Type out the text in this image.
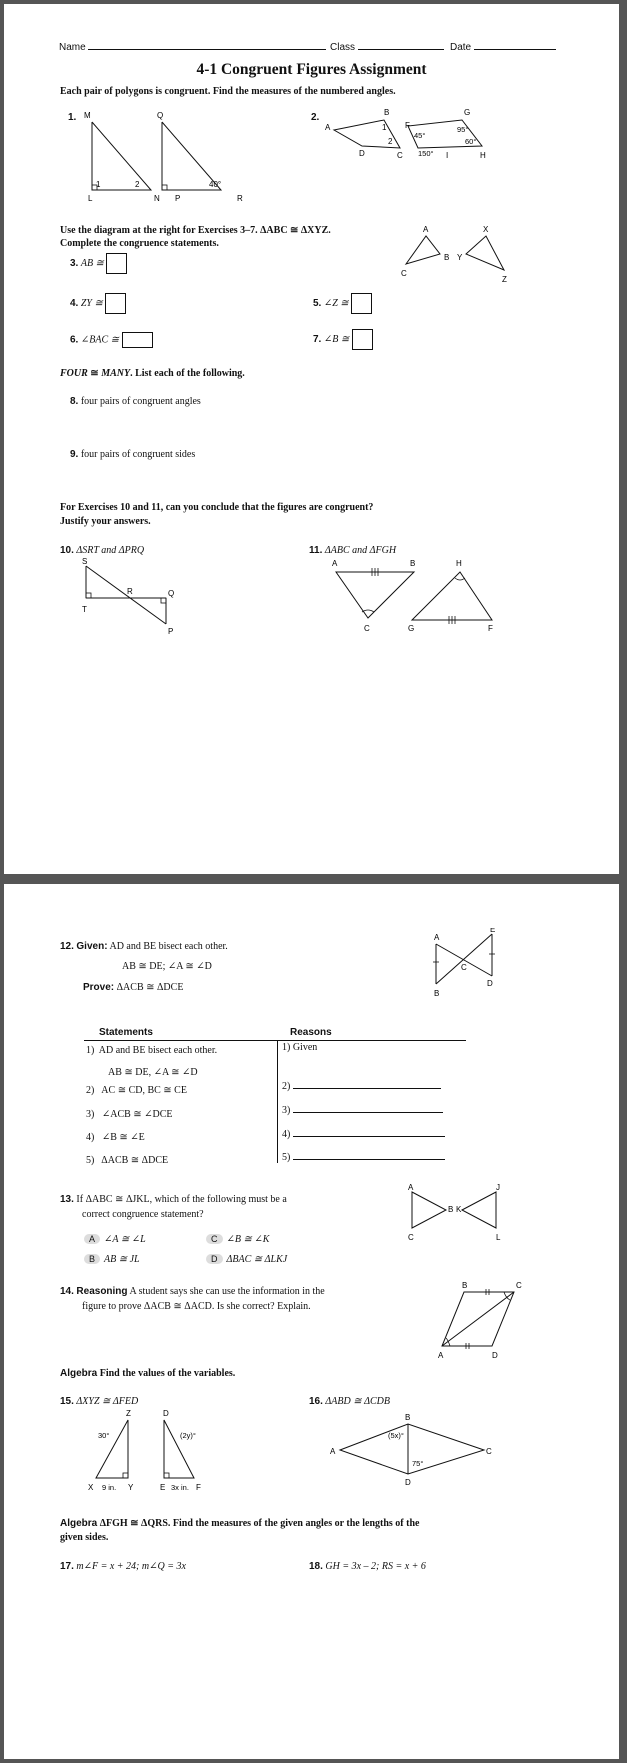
Name	Class	Date
4-1 Congruent Figures Assignment
Each pair of polygons is congruent. Find the measures of the numbered angles.
1. M
L	N
Q
P	R
1	2	40°
2.	B
A
D	C
1
2
G
F
H
I
45°
95°
60°
150°
Use the diagram at the right for Exercises 3–7. ΔABC ≅ ΔXYZ.
Complete the congruence statements.
A
B Y
C
X
Z
3. AB ≅
4. ZY ≅	5. ∠Z ≅
6. ∠BAC ≅	7. ∠B ≅
FOUR ≅ MANY. List each of the following.
8. four pairs of congruent angles
9. four pairs of congruent sides
For Exercises 10 and 11, can you conclude that the figures are congruent?
Justify your answers.
10. ΔSRT and ΔPRQ
S
R	Q
T
P
11. ΔABC and ΔFGH
A	B	H
C	G	F
12. Given: AD and BE bisect each other.
AB ≅ DE; ∠A ≅ ∠D
Prove: ΔACB ≅ ΔDCE
E
A
C
D
B
Statements	Reasons
1) AD and BE bisect each other.	1) Given
AB ≅ DE, ∠A ≅ ∠D
2) AC ≅ CD, BC ≅ CE	2)
3) ∠ACB ≅ ∠DCE	3)
4) ∠B ≅ ∠E	4)
5) ΔACB ≅ ΔDCE	5)
13. If ΔABC ≅ ΔJKL, which of the following must be a
correct congruence statement?
A	J
B K
C	L
A ∠A ≅ ∠L	C ∠B ≅ ∠K
B AB ≅ JL	D ΔBAC ≅ ΔLKJ
14. Reasoning A student says she can use the information in the
figure to prove ΔACB ≅ ΔACD. Is she correct? Explain.
B	C
A	D
Algebra Find the values of the variables.
15. ΔXYZ ≅ ΔFED
Z	D
30°	(2y)°
X 9 in. Y	E 3x in. F
16. ΔABD ≅ ΔCDB
B
(5x)°
A	C
75°
D
Algebra ΔFGH ≅ ΔQRS. Find the measures of the given angles or the lengths of the
given sides.
17. m∠F = x + 24; m∠Q = 3x	18. GH = 3x – 2; RS = x + 6
